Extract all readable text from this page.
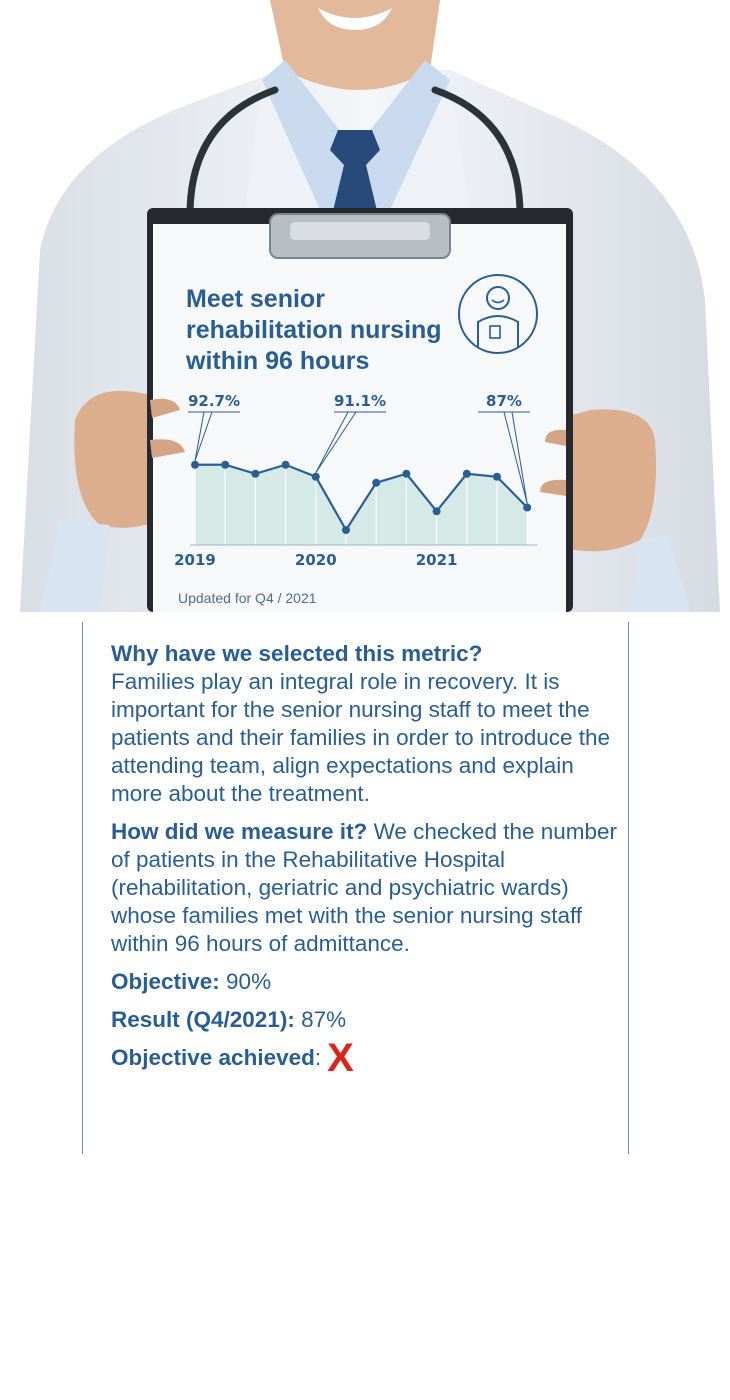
Meet senior rehabilitation nursing within 96 hours
92.7%	91.1%	87%
2019	2020	2021
Updated for Q4 / 2021

Why have we selected this metric?
Families play an integral role in recovery. It is important for the senior nursing staff to meet the patients and their families in order to introduce the attending team, align expectations and explain more about the treatment.

How did we measure it? We checked the number of patients in the Rehabilitative Hospital (rehabilitation, geriatric and psychiatric wards) whose families met with the senior nursing staff within 96 hours of admittance.

Objective: 90%

Result (Q4/2021): 87%

Objective achieved: X
